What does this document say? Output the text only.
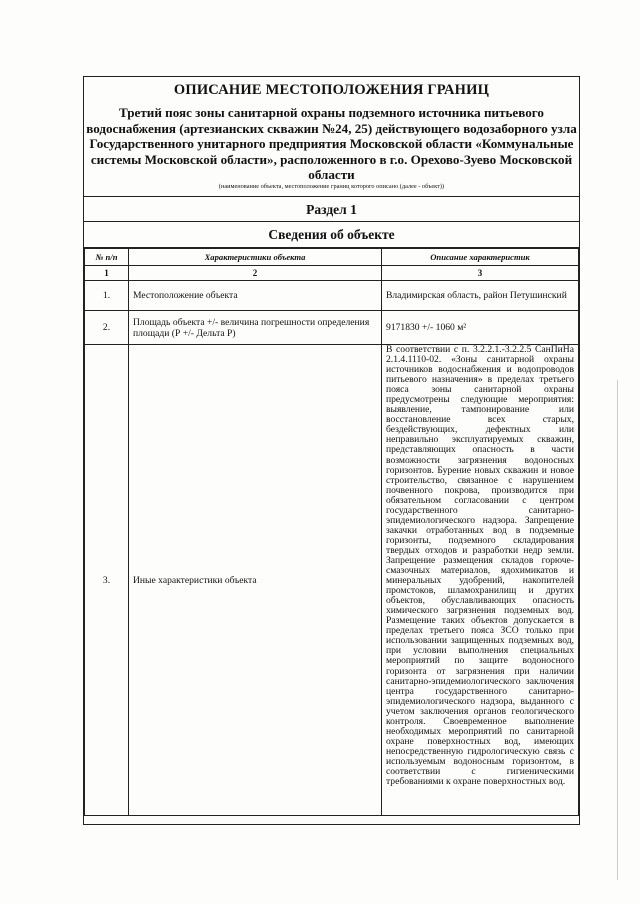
ОПИСАНИЕ МЕСТОПОЛОЖЕНИЯ ГРАНИЦ
Третий пояс зоны санитарной охраны подземного источника питьевого водоснабжения (артезианских скважин №24, 25) действующего водозаборного узла Государственного унитарного предприятия Московской области «Коммунальные системы Московской области», расположенного в г.о. Орехово-Зуево Московской области
(наименование объекта, местоположение границ которого описано (далее - объект))
Раздел 1
Сведения об объекте
№ п/п	Характеристики объекта	Описание характеристик
1	2	3
1.	Местоположение объекта	Владимирская область, район Петушинский
2.	Площадь объекта +/- величина погрешности определения площади (Р +/- Дельта Р)	9171830 +/- 1060 м²
3.	Иные характеристики объекта	В соответствии с п. 3.2.2.1.-3.2.2.5 СанПиНа 2.1.4.1110-02. «Зоны санитарной охраны источников водоснабжения и водопроводов питьевого назначения» в пределах третьего пояса зоны санитарной охраны предусмотрены следующие мероприятия: выявление, тампонирование или восстановление всех старых, бездействующих, дефектных или неправильно эксплуатируемых скважин, представляющих опасность в части возможности загрязнения водоносных горизонтов. Бурение новых скважин и новое строительство, связанное с нарушением почвенного покрова, производится при обязательном согласовании с центром государственного санитарно-эпидемиологического надзора. Запрещение закачки отработанных вод в подземные горизонты, подземного складирования твердых отходов и разработки недр земли. Запрещение размещения складов горюче-смазочных материалов, ядохимикатов и минеральных удобрений, накопителей промстоков, шламохранилищ и других объектов, обуславливающих опасность химического загрязнения подземных вод. Размещение таких объектов допускается в пределах третьего пояса ЗСО только при использовании защищенных подземных вод, при условии выполнения специальных мероприятий по защите водоносного горизонта от загрязнения при наличии санитарно-эпидемиологического заключения центра государственного санитарно-эпидемиологического надзора, выданного с учетом заключения органов геологического контроля. Своевременное выполнение необходимых мероприятий по санитарной охране поверхностных вод, имеющих непосредственную гидрологическую связь с используемым водоносным горизонтом, в соответствии с гигиеническими требованиями к охране поверхностных вод.
